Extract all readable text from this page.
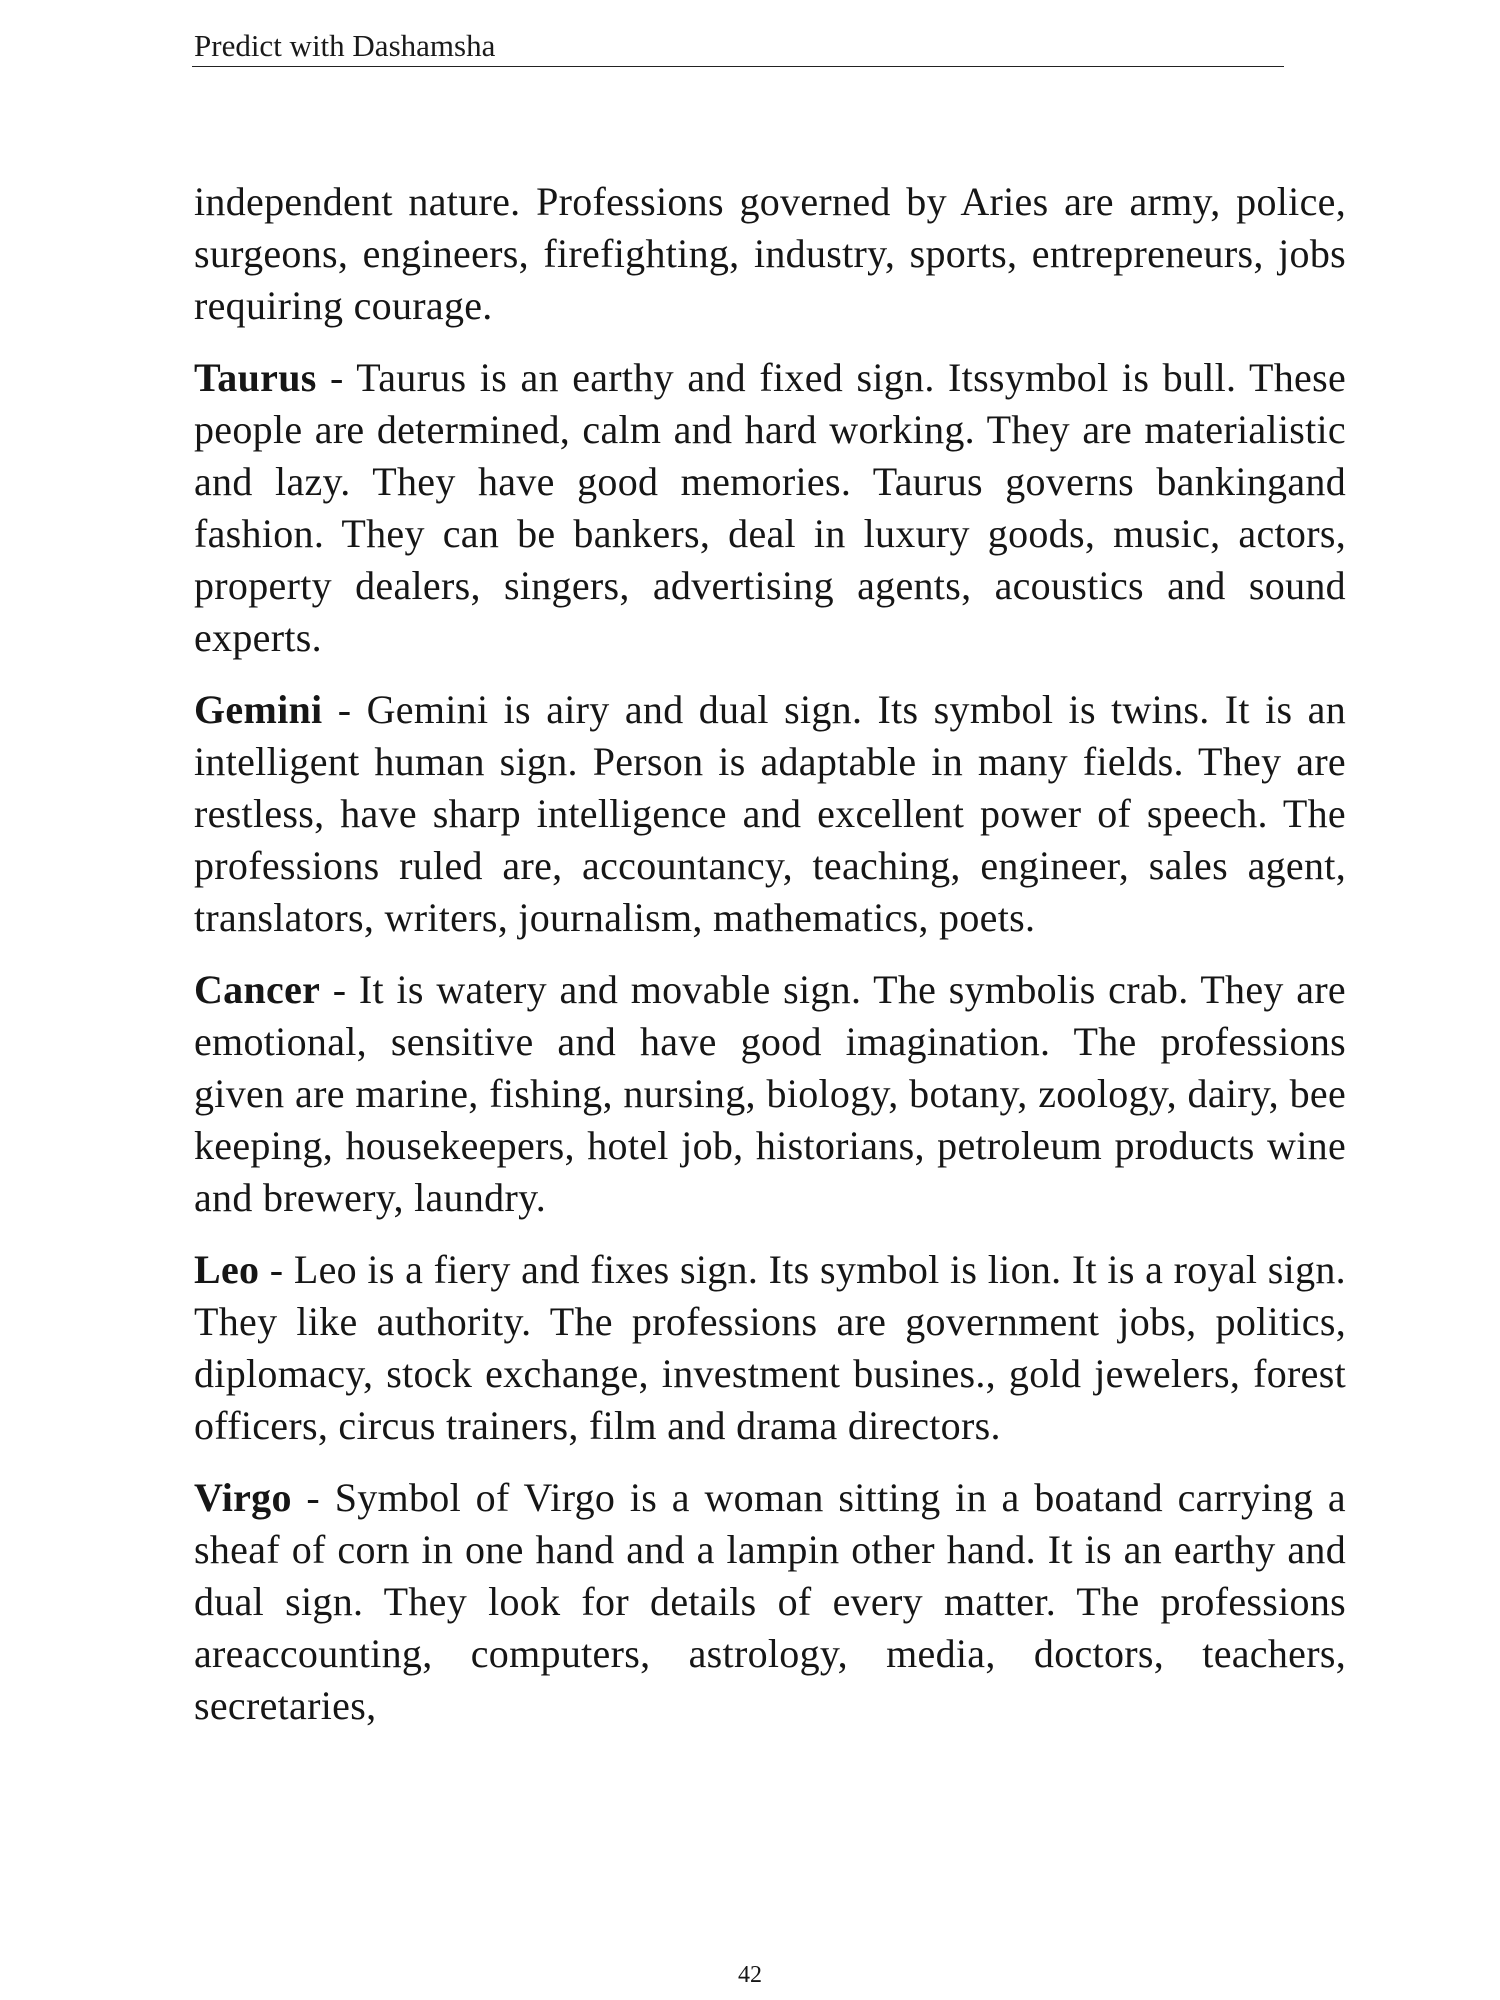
Predict with Dashamsha

independent nature. Professions governed by Aries are army, police, surgeons, engineers, firefighting, industry, sports, entrepreneurs, jobs requiring courage.

Taurus - Taurus is an earthy and fixed sign. Itssymbol is bull. These people are determined, calm and hard working. They are materialistic and lazy. They have good memories. Taurus governs bankingand fashion. They can be bankers, deal in luxury goods, music, actors, property dealers, singers, advertising agents, acoustics and sound experts.

Gemini - Gemini is airy and dual sign. Its symbol is twins. It is an intelligent human sign. Person is adaptable in many fields. They are restless, have sharp intelligence and excellent power of speech. The professions ruled are, accountancy, teaching, engineer, sales agent, translators, writers, journalism, mathematics, poets.

Cancer - It is watery and movable sign. The symbolis crab. They are emotional, sensitive and have good imagination. The professions given are marine, fishing, nursing, biology, botany, zoology, dairy, bee keeping, housekeepers, hotel job, historians, petroleum products wine and brewery, laundry.

Leo - Leo is a fiery and fixes sign. Its symbol is lion. It is a royal sign. They like authority. The professions are government jobs, politics, diplomacy, stock exchange, investment busines., gold jewelers, forest officers, circus trainers, film and drama directors.

Virgo - Symbol of Virgo is a woman sitting in a boatand carrying a sheaf of corn in one hand and a lampin other hand. It is an earthy and dual sign. They look for details of every matter. The professions areaccounting, computers, astrology, media, doctors, teachers, secretaries,

42
